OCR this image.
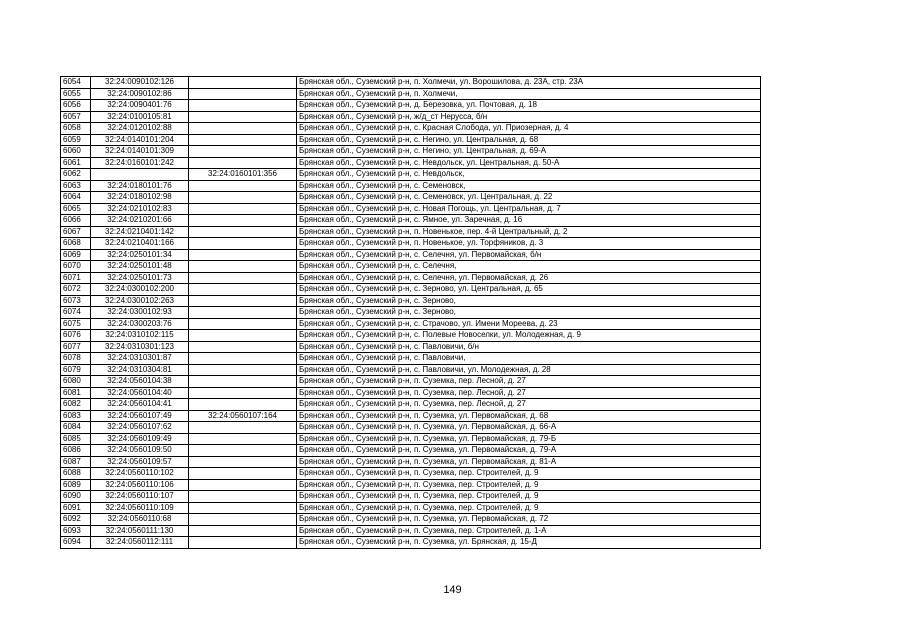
6054	32:24:0090102:126		Брянская обл., Суземский р-н, п. Холмечи, ул. Ворошилова, д. 23А, стр. 23А
6055	32:24:0090102:86		Брянская обл., Суземский р-н, п. Холмечи,
6056	32:24:0090401:76		Брянская обл., Суземский р-н, д. Березовка, ул. Почтовая, д. 18
6057	32:24:0100105:81		Брянская обл., Суземский р-н, ж/д_ст Нерусса, б/н
6058	32:24:0120102:88		Брянская обл., Суземский р-н, с. Красная Слобода, ул. Приозерная, д. 4
6059	32:24:0140101:204		Брянская обл., Суземский р-н, с. Негино, ул. Центральная, д. 68
6060	32:24:0140101:309		Брянская обл., Суземский р-н, с. Негино, ул. Центральная, д. 69-А
6061	32:24:0160101:242		Брянская обл., Суземский р-н, с. Невдольск, ул. Центральная, д. 50-А
6062		32:24:0160101:356	Брянская обл., Суземский р-н, с. Невдольск,
6063	32:24:0180101:76		Брянская обл., Суземский р-н, с. Семеновск,
6064	32:24:0180102:98		Брянская обл., Суземский р-н, с. Семеновск, ул. Центральная, д. 22
6065	32:24:0210102:83		Брянская обл., Суземский р-н, с. Новая Погощь, ул. Центральная, д. 7
6066	32:24:0210201:66		Брянская обл., Суземский р-н, с. Ямное, ул. Заречная, д. 16
6067	32:24:0210401:142		Брянская обл., Суземский р-н, п. Новенькое, пер. 4-й Центральный, д. 2
6068	32:24:0210401:166		Брянская обл., Суземский р-н, п. Новенькое, ул. Торфяников, д. 3
6069	32:24:0250101:34		Брянская обл., Суземский р-н, с. Селечня, ул. Первомайская, б/н
6070	32:24:0250101:48		Брянская обл., Суземский р-н, с. Селечня,
6071	32:24:0250101:73		Брянская обл., Суземский р-н, с. Селечня, ул. Первомайская, д. 26
6072	32:24:0300102:200		Брянская обл., Суземский р-н, с. Зерново, ул. Центральная, д. 65
6073	32:24:0300102:263		Брянская обл., Суземский р-н, с. Зерново,
6074	32:24:0300102:93		Брянская обл., Суземский р-н, с. Зерново,
6075	32:24:0300203:76		Брянская обл., Суземский р-н, с. Страчово, ул. Имени Мореева, д. 23
6076	32:24:0310102:115		Брянская обл., Суземский р-н, с. Полевые Новоселки, ул. Молодежная, д. 9
6077	32:24:0310301:123		Брянская обл., Суземский р-н, с. Павловичи, б/н
6078	32:24:0310301:87		Брянская обл., Суземский р-н, с. Павловичи,
6079	32:24:0310304:81		Брянская обл., Суземский р-н, с. Павловичи, ул. Молодежная, д. 28
6080	32:24:0560104:38		Брянская обл., Суземский р-н, п. Суземка, пер. Лесной, д. 27
6081	32:24:0560104:40		Брянская обл., Суземский р-н, п. Суземка, пер. Лесной, д. 27
6082	32:24:0560104:41		Брянская обл., Суземский р-н, п. Суземка, пер. Лесной, д. 27
6083	32:24:0560107:49	32:24:0560107:164	Брянская обл., Суземский р-н, п. Суземка, ул. Первомайская, д. 68
6084	32:24:0560107:62		Брянская обл., Суземский р-н, п. Суземка, ул. Первомайская, д. 66-А
6085	32:24:0560109:49		Брянская обл., Суземский р-н, п. Суземка, ул. Первомайская, д. 79-Б
6086	32:24:0560109:50		Брянская обл., Суземский р-н, п. Суземка, ул. Первомайская, д. 79-А
6087	32:24:0560109:57		Брянская обл., Суземский р-н, п. Суземка, ул. Первомайская, д. 81-А
6088	32:24:0560110:102		Брянская обл., Суземский р-н, п. Суземка, пер. Строителей, д. 9
6089	32:24:0560110:106		Брянская обл., Суземский р-н, п. Суземка, пер. Строителей, д. 9
6090	32:24:0560110:107		Брянская обл., Суземский р-н, п. Суземка, пер. Строителей, д. 9
6091	32:24:0560110:109		Брянская обл., Суземский р-н, п. Суземка, пер. Строителей, д. 9
6092	32:24:0560110:68		Брянская обл., Суземский р-н, п. Суземка, ул. Первомайская, д. 72
6093	32:24:0560111:130		Брянская обл., Суземский р-н, п. Суземка, пер. Строителей, д. 1-А
6094	32:24:0560112:111		Брянская обл., Суземский р-н, п. Суземка, ул. Брянская, д. 15-Д
149
